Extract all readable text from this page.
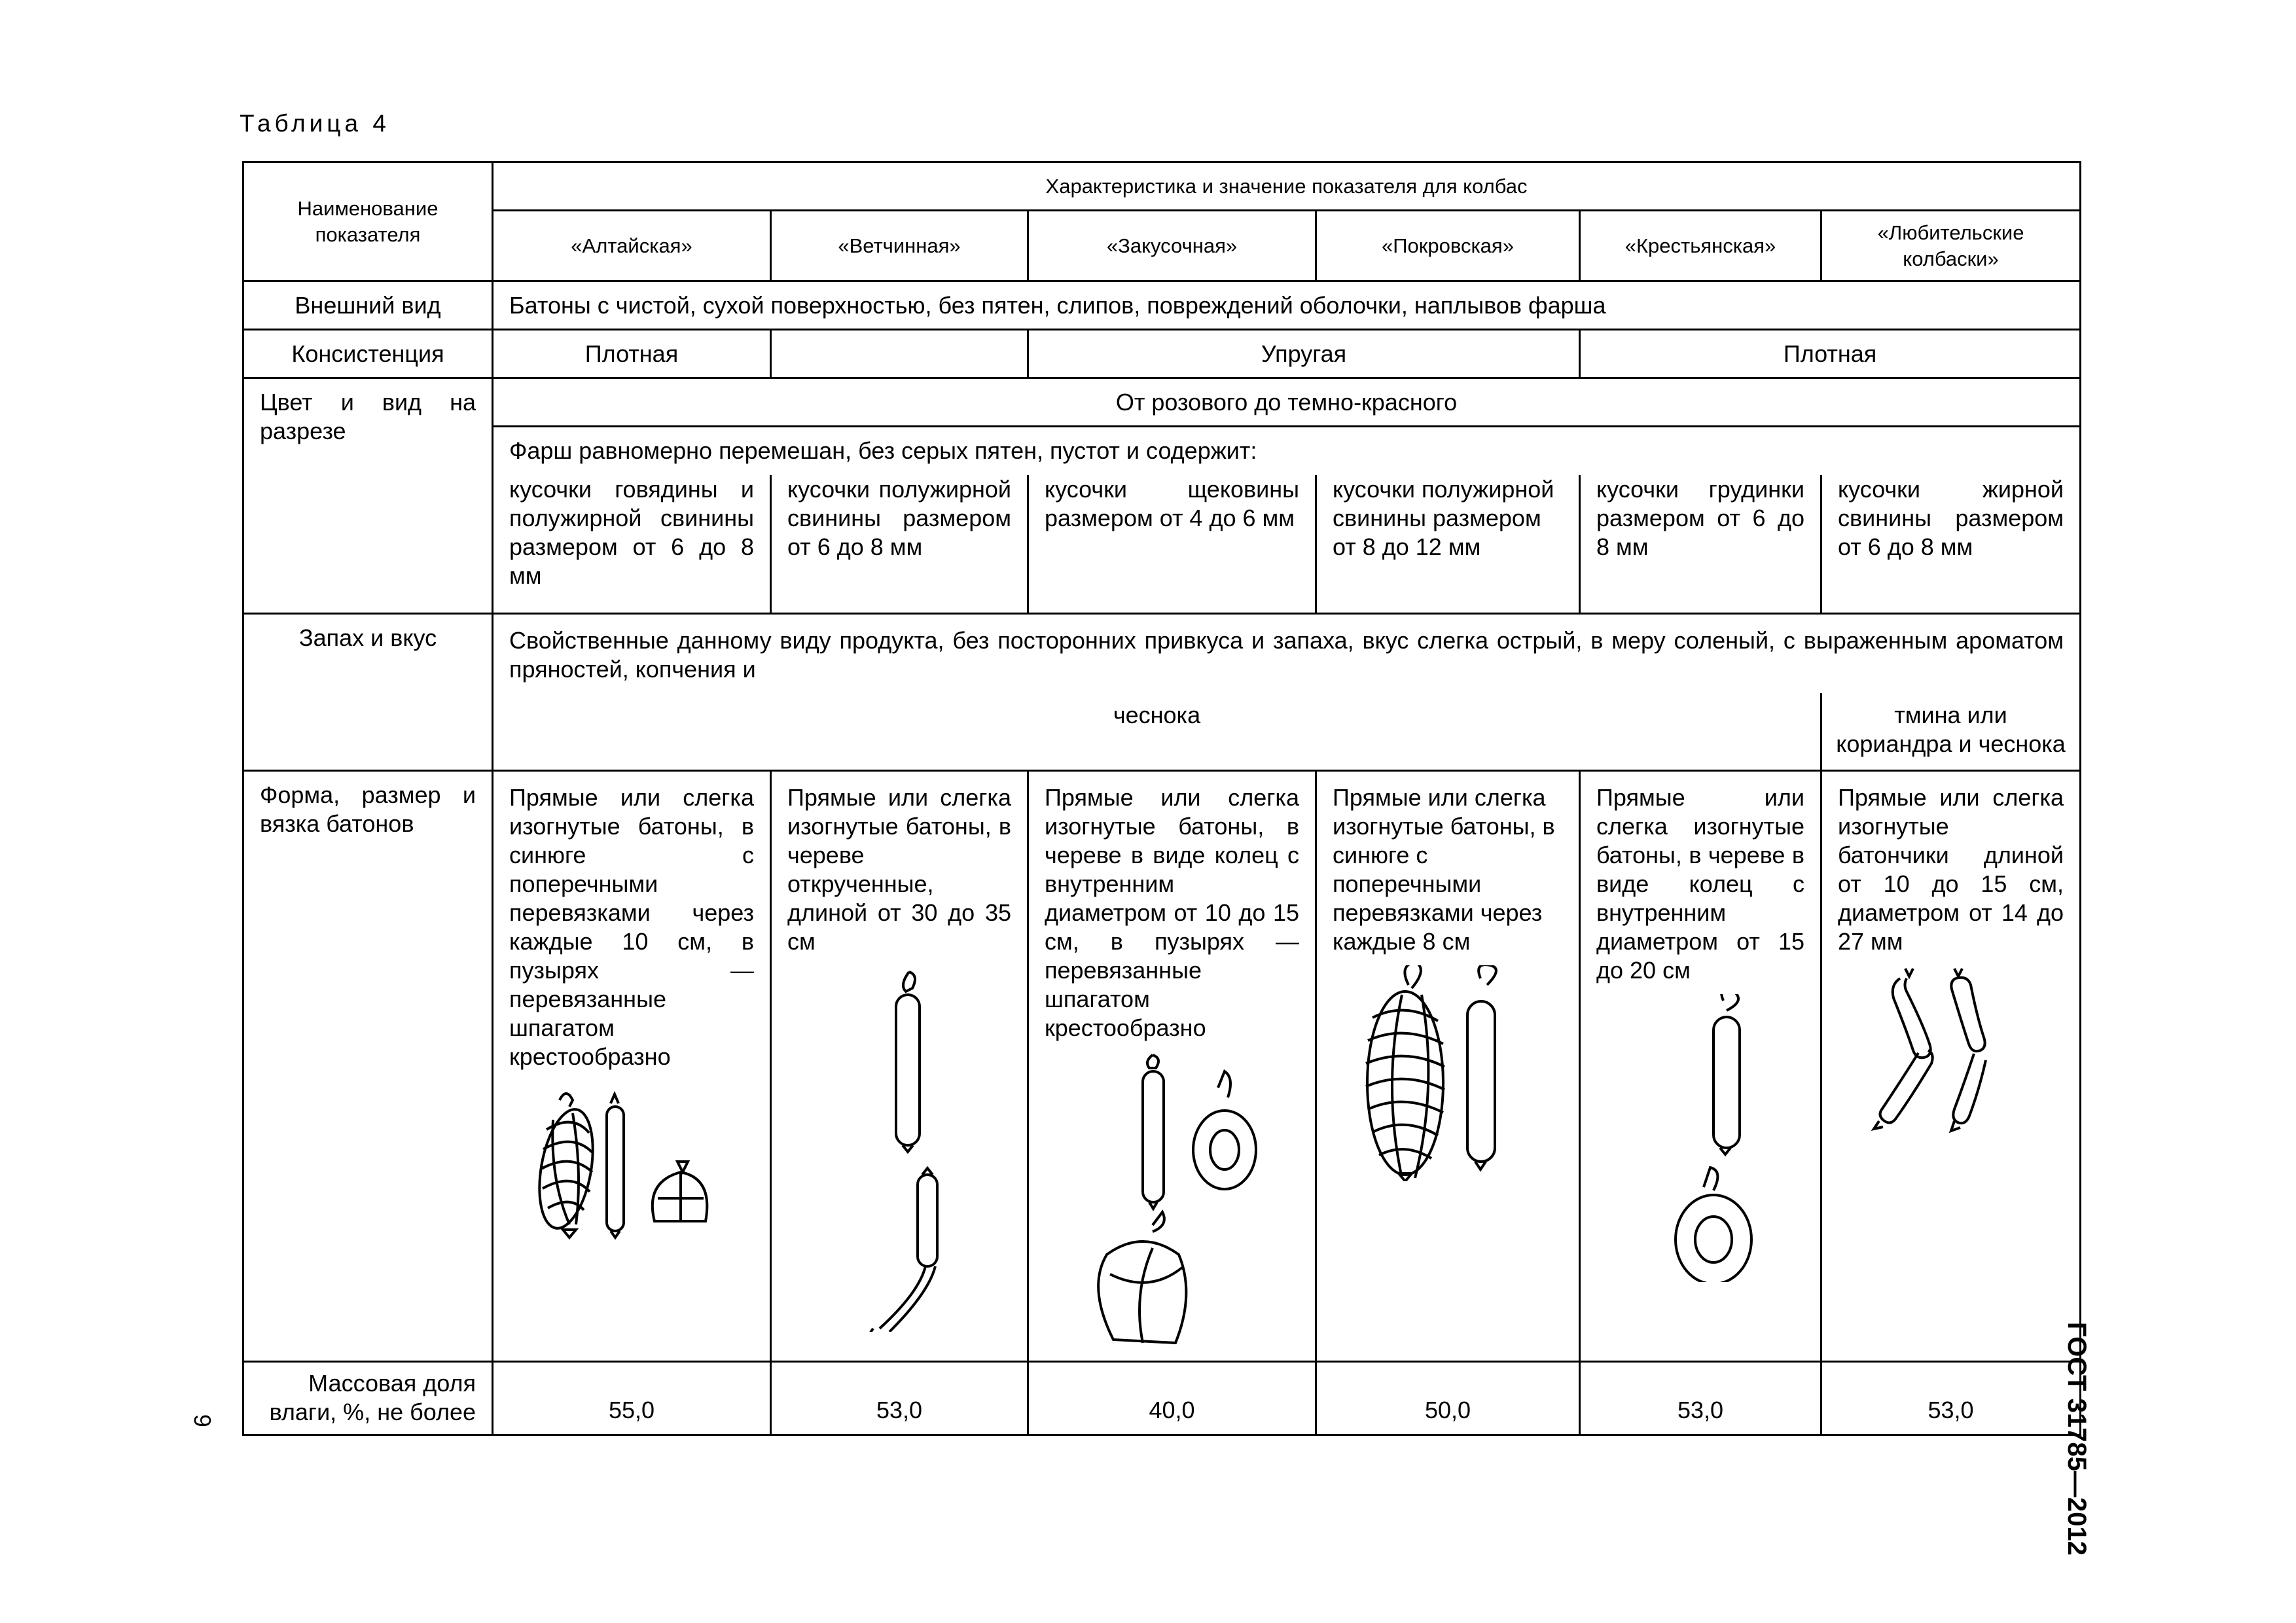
Таблица 4
Наименование показателя	Характеристика и значение показателя для колбас					
	«Алтайская»	«Ветчинная»	«Закусочная»	«Покровская»	«Крестьянская»	«Любительские колбаски»
Внешний вид	Батоны с чистой, сухой поверхностью, без пятен, слипов, повреждений оболочки, наплывов фарша					
Консистенция	Плотная		Упругая		Плотная	
Цвет и вид на разрезе	От розового до темно-красного					
	Фарш равномерно перемешан, без серых пятен, пустот и содержит:					

	кусочки говядины и полужирной свинины размером от 6 до 8 мм	кусочки полужирной свинины размером от 6 до 8 мм	кусочки щековины размером от 4 до 6 мм	кусочки полужирной свинины размером от 8 до 12 мм	кусочки грудинки размером от 6 до 8 мм	кусочки жирной свинины размером от 6 до 8 мм

Запах и вкус	Свойственные данному виду продукта, без посторонних привкуса и запаха, вкус слегка острый, в меру соленый, с выраженным ароматом пряностей, копчения и					

	чеснока					тмина или кориандра и чеснока
Форма, размер и вязка батонов	Прямые или слегка изогнутые батоны, в синюге с поперечными перевязками через каждые 10 см, в пузырях — перевязанные шпагатом крестообразно	Прямые или слегка изогнутые батоны, в череве открученные, длиной от 30 до 35 см	Прямые или слегка изогнутые батоны, в череве в виде колец с внутренним диаметром от 10 до 15 см, в пузырях — перевязанные шпагатом крестообразно	Прямые или слегка изогнутые батоны, в синюге с поперечными перевязками через каждые 8 см	Прямые или слегка изогнутые батоны, в череве в виде колец с внутренним диаметром от 15 до 20 см	Прямые или слегка изогнутые батончики длиной от 10 до 15 см, диаметром от 14 до 27 мм

Массовая доля влаги, %, не более	55,0	53,0	40,0	50,0	53,0	53,0
6	ГОСТ 31785—2012
